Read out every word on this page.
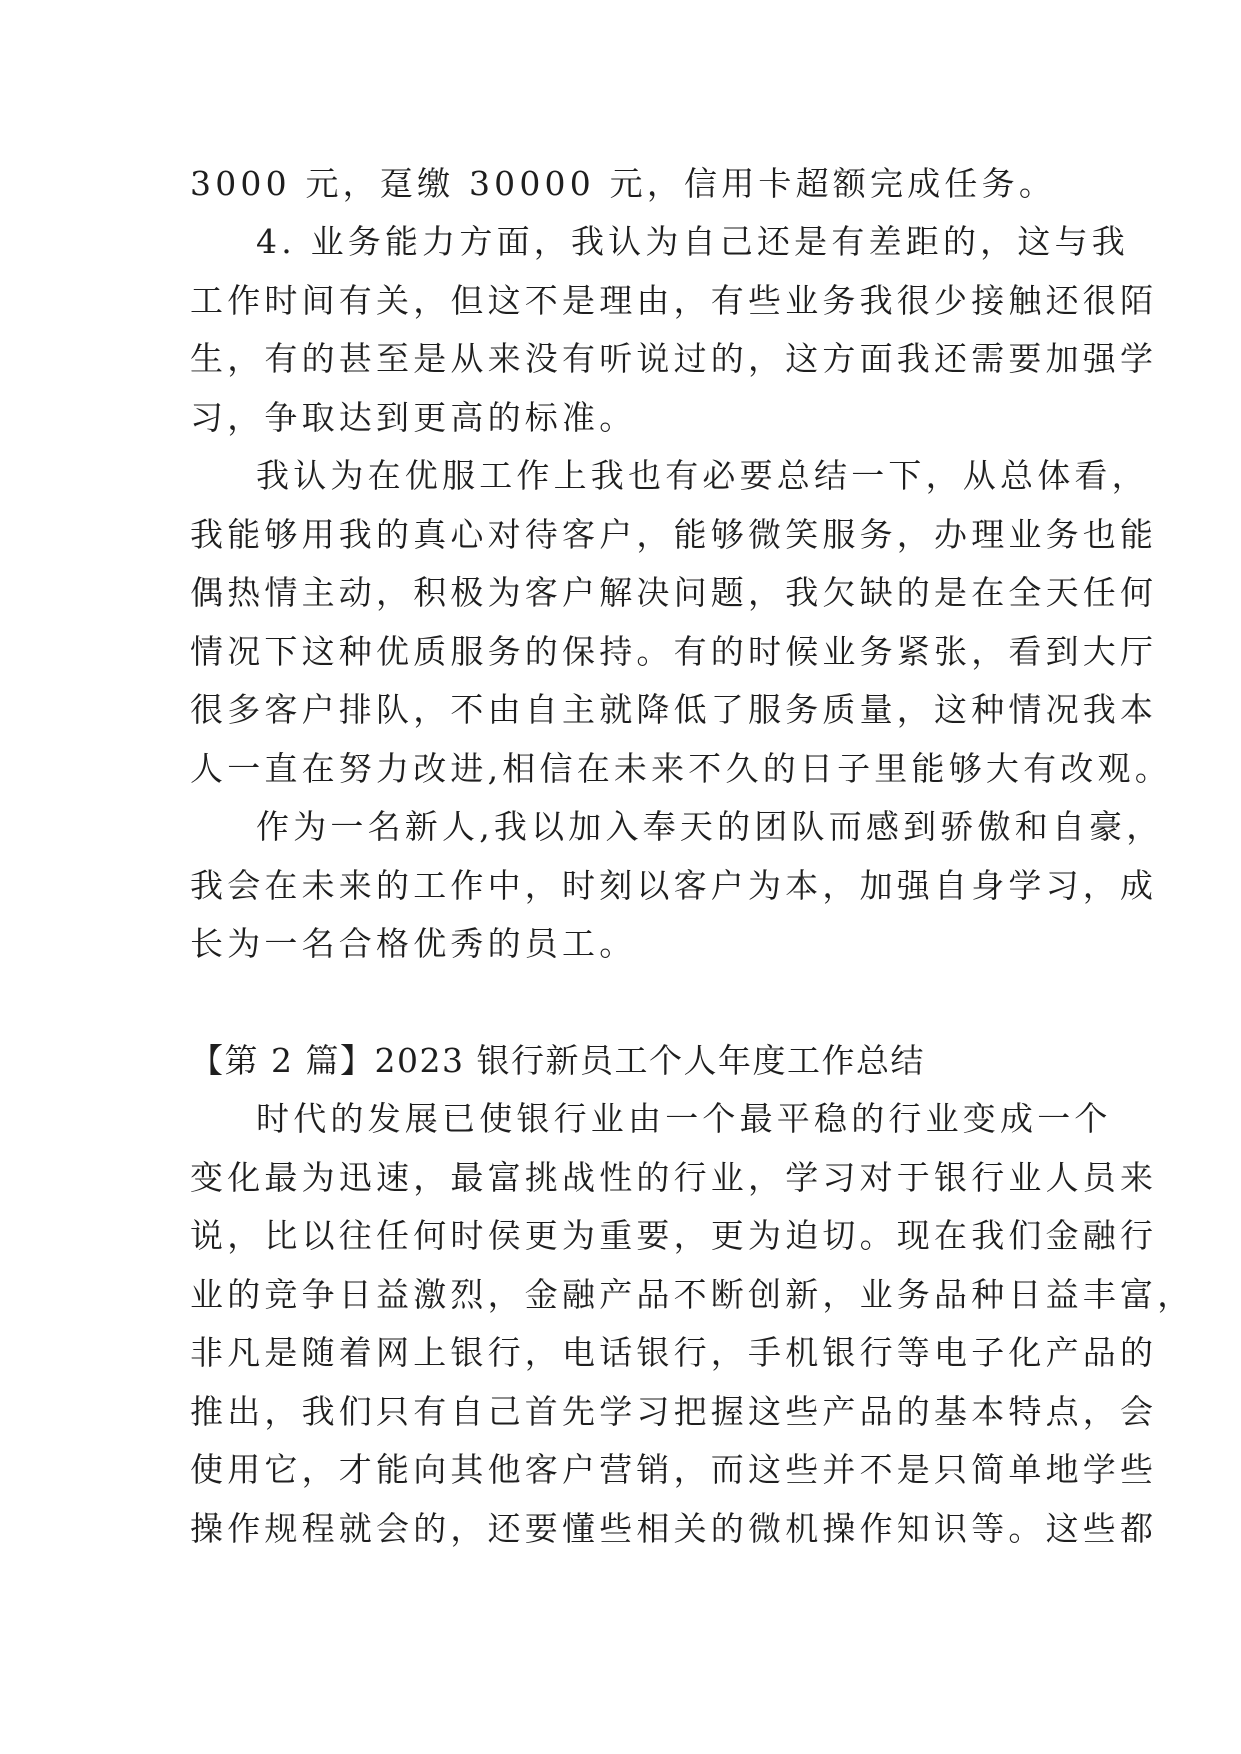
3000 元，趸缴 30000 元，信用卡超额完成任务。
4. 业务能力方面，我认为自己还是有差距的，这与我
工作时间有关，但这不是理由，有些业务我很少接触还很陌
生，有的甚至是从来没有听说过的，这方面我还需要加强学
习，争取达到更高的标准。
我认为在优服工作上我也有必要总结一下，从总体看，
我能够用我的真心对待客户，能够微笑服务，办理业务也能
偶热情主动，积极为客户解决问题，我欠缺的是在全天任何
情况下这种优质服务的保持。有的时候业务紧张，看到大厅
很多客户排队，不由自主就降低了服务质量，这种情况我本
人一直在努力改进,相信在未来不久的日子里能够大有改观。
作为一名新人,我以加入奉天的团队而感到骄傲和自豪，
我会在未来的工作中，时刻以客户为本，加强自身学习，成
长为一名合格优秀的员工。
【第 2 篇】2023 银行新员工个人年度工作总结
时代的发展已使银行业由一个最平稳的行业变成一个
变化最为迅速，最富挑战性的行业，学习对于银行业人员来
说，比以往任何时侯更为重要，更为迫切。现在我们金融行
业的竞争日益激烈，金融产品不断创新，业务品种日益丰富，
非凡是随着网上银行，电话银行，手机银行等电子化产品的
推出，我们只有自己首先学习把握这些产品的基本特点，会
使用它，才能向其他客户营销，而这些并不是只简单地学些
操作规程就会的，还要懂些相关的微机操作知识等。这些都
